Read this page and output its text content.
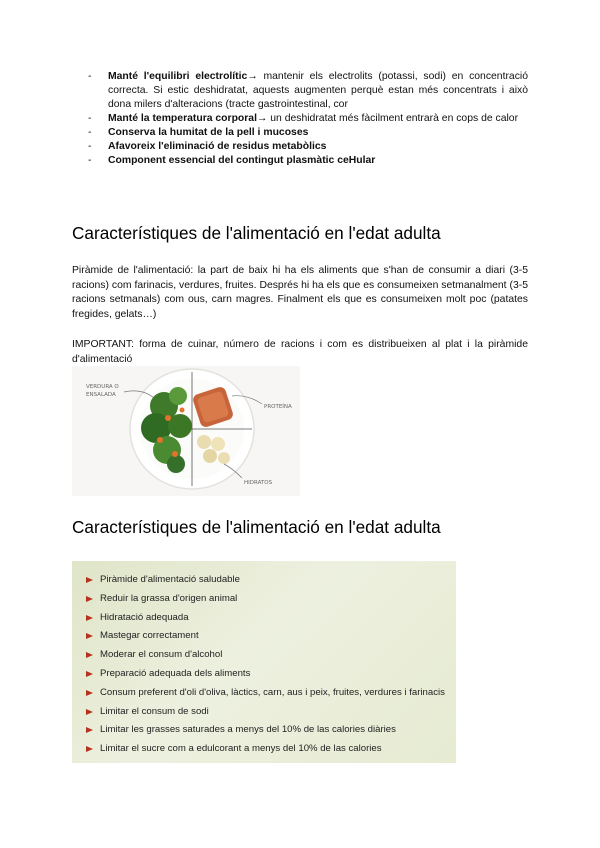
- Manté l'equilibri electrolític→ mantenir els electrolits (potassi, sodi) en concentració correcta. Si estic deshidratat, aquests augmenten perquè estan més concentrats i això dona milers d'alteracions (tracte gastrointestinal, cor
- Manté la temperatura corporal→ un deshidratat més fàcilment entrarà en cops de calor
- Conserva la humitat de la pell i mucoses
- Afavoreix l'eliminació de residus metabòlics
- Component essencial del contingut plasmàtic ceHular
Característiques de l'alimentació en l'edat adulta

Piràmide de l'alimentació: la part de baix hi ha els aliments que s'han de consumir a diari (3-5 racions) com farinacis, verdures, fruites. Després hi ha els que es consumeixen setmanalment (3-5 racions setmanals) com ous, carn magres. Finalment els que es consumeixen molt poc (patates fregides, gelats…)

IMPORTANT: forma de cuinar, número de racions i com es distribueixen al plat i la piràmide d'alimentació

VERDURA O
ENSALADA
PROTEÍNA
HIDRATOS
Característiques de l'alimentació en l'edat adulta
Piràmide d'alimentació saludable
Reduir la grassa d'origen animal
Hidratació adequada
Mastegar correctament
Moderar el consum d'alcohol
Preparació adequada dels aliments
Consum preferent d'oli d'oliva, làctics, carn, aus i peix, fruites, verdures i farinacis
Limitar el consum de sodi
Limitar les grasses saturades a menys del 10% de las calories diàries
Limitar el sucre com a edulcorant a menys del 10% de las calories
